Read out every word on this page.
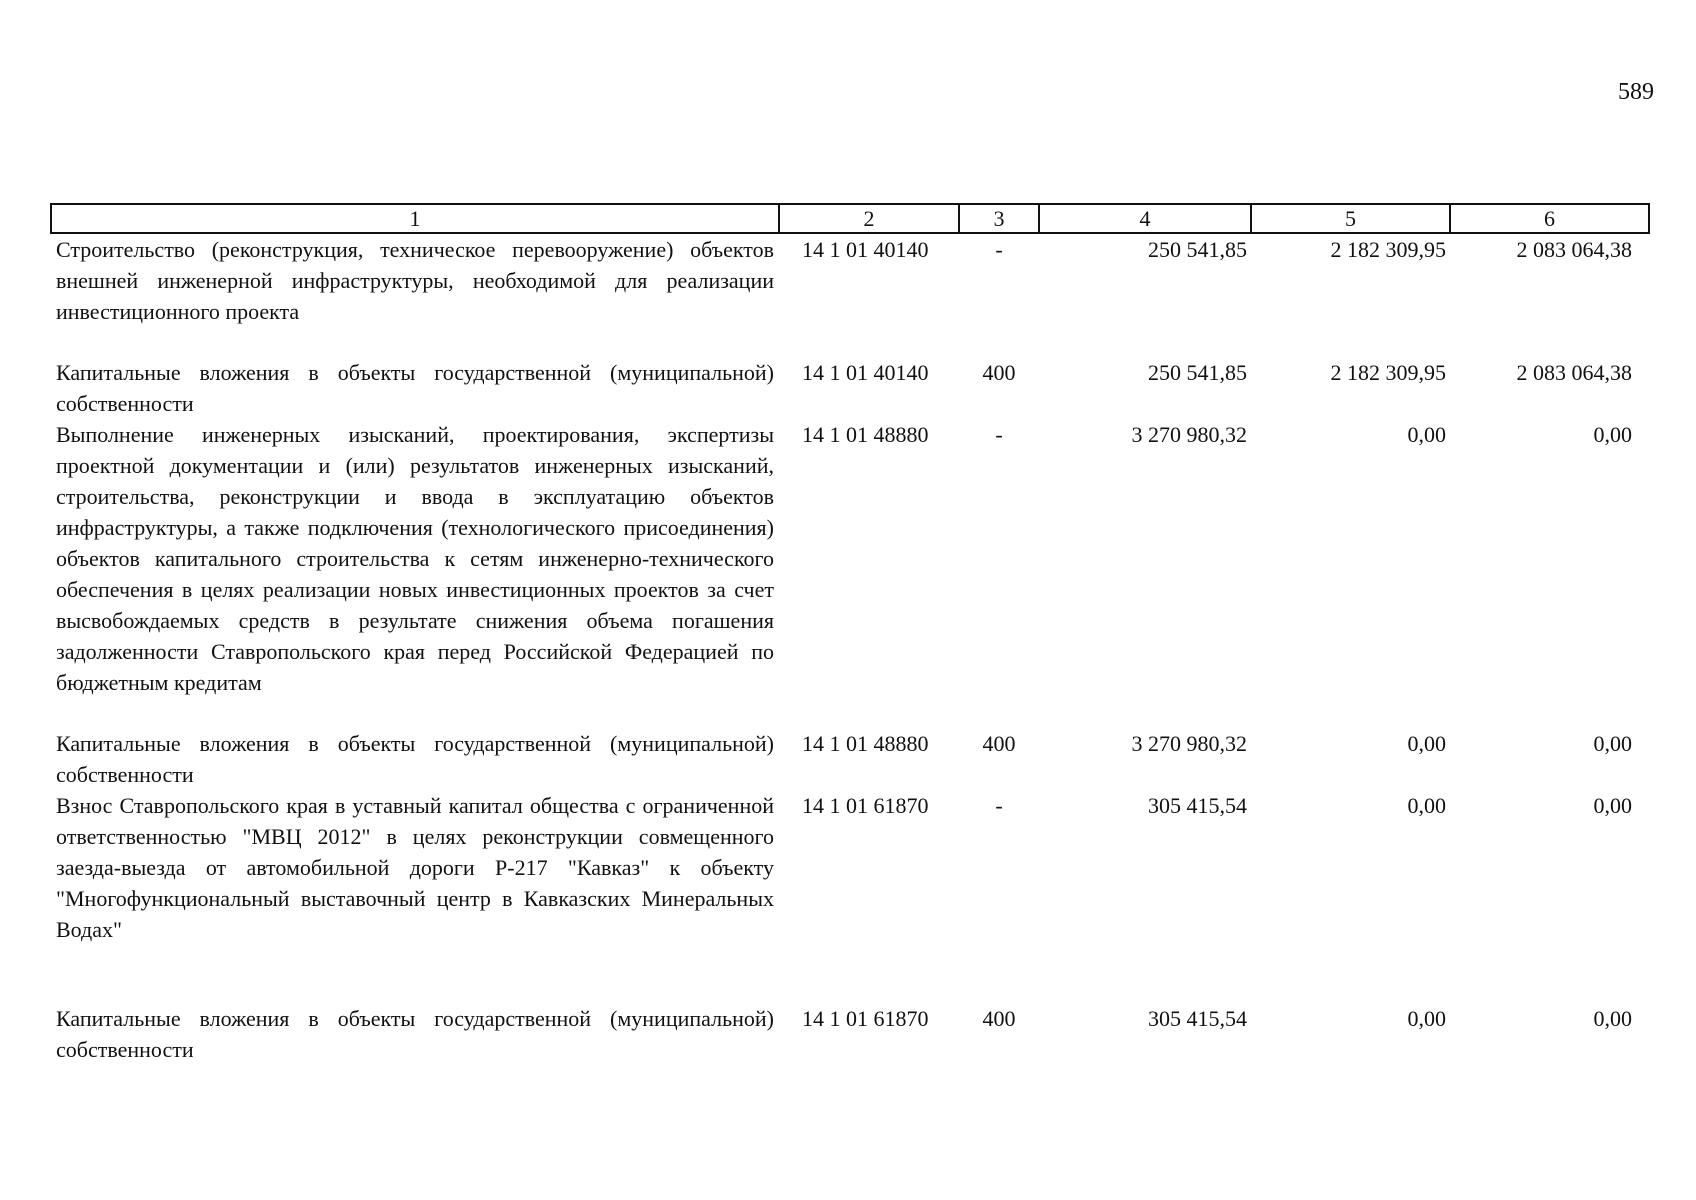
589
1	2	3	4	5	6
Строительство (реконструкция, техническое перевооружение) объектов внешней инженерной инфраструктуры, необходимой для реализации инвестиционного проекта	14 1 01 40140	-	250 541,85	2 182 309,95	2 083 064,38
Капитальные вложения в объекты государственной (муниципальной) собственности	14 1 01 40140	400	250 541,85	2 182 309,95	2 083 064,38
Выполнение инженерных изысканий, проектирования, экспертизы проектной документации и (или) результатов инженерных изысканий, строительства, реконструкции и ввода в эксплуатацию объектов инфраструктуры, а также подключения (технологического присоединения) объектов капитального строительства к сетям инженерно-технического обеспечения в целях реализации новых инвестиционных проектов за счет высвобождаемых средств в результате снижения объема погашения задолженности Ставропольского края перед Российской Федерацией по бюджетным кредитам	14 1 01 48880	-	3 270 980,32	0,00	0,00
Капитальные вложения в объекты государственной (муниципальной) собственности	14 1 01 48880	400	3 270 980,32	0,00	0,00
Взнос Ставропольского края в уставный капитал общества с ограниченной ответственностью "МВЦ 2012" в целях реконструкции совмещенного заезда-выезда от автомобильной дороги Р-217 "Кавказ" к объекту "Многофункциональный выставочный центр в Кавказских Минеральных Водах"	14 1 01 61870	-	305 415,54	0,00	0,00
Капитальные вложения в объекты государственной (муниципальной) собственности	14 1 01 61870	400	305 415,54	0,00	0,00
